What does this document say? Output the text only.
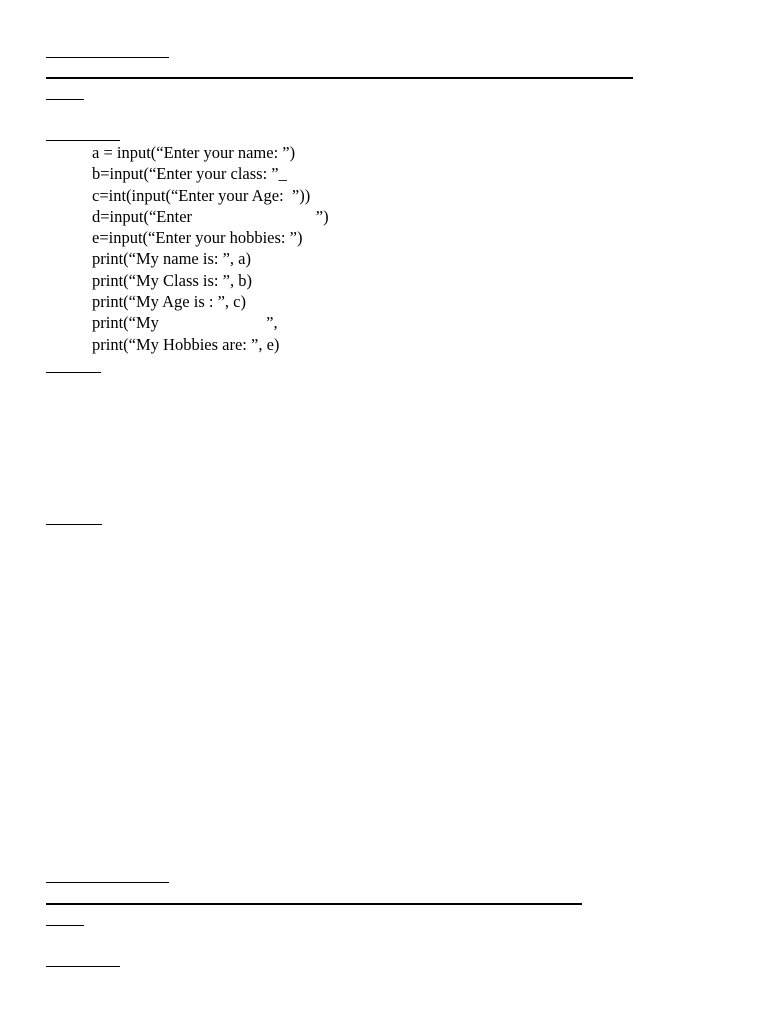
a = input(“Enter your name: ”)
b=input(“Enter your class: ”_
c=int(input(“Enter your Age:  ”))
d=input(“Enter                              ”)
e=input(“Enter your hobbies: ”)
print(“My name is: ”, a)
print(“My Class is: ”, b)
print(“My Age is : ”, c)
print(“My                          ”,
print(“My Hobbies are: ”, e)
